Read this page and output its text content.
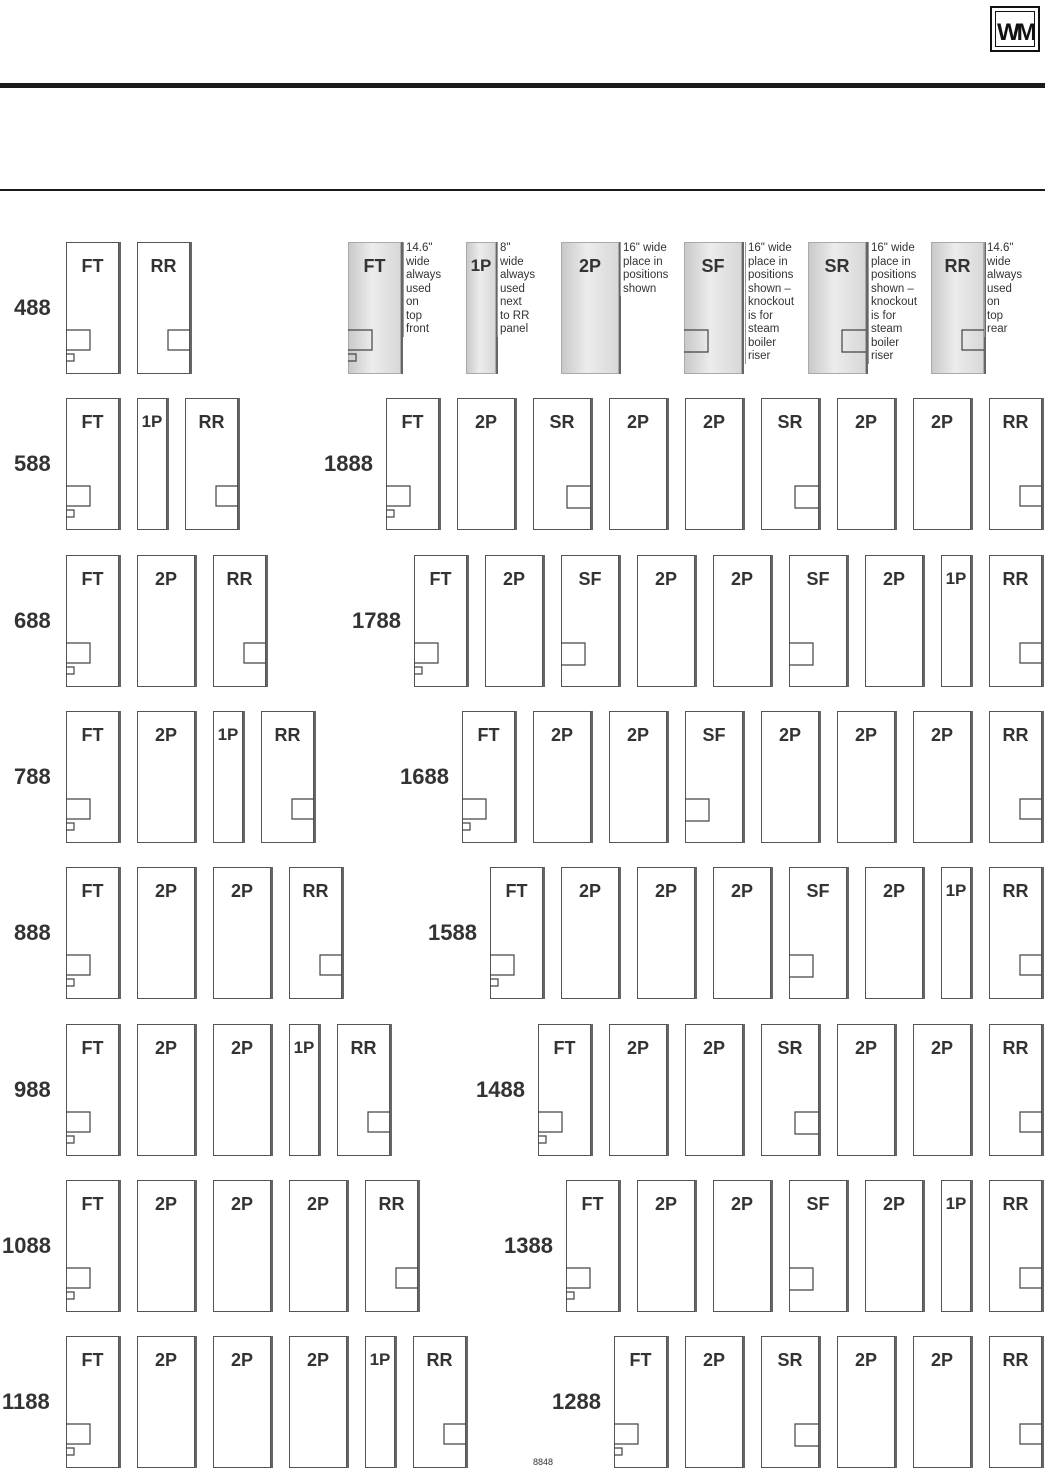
WM
488
FT	RR
588
FT	1P	RR
688
FT	2P	RR
788
FT	2P	1P	RR
888
FT	2P	2P	RR
988
FT	2P	2P	1P	RR
1088
FT	2P	2P	2P	RR
1188
FT	2P	2P	2P	1P	RR
1888
FT	2P	SR	2P	2P	SR	2P	2P	RR
1788
FT	2P	SF	2P	2P	SF	2P	1P	RR
1688
FT	2P	2P	SF	2P	2P	2P	RR
1588
FT	2P	2P	2P	SF	2P	1P	RR
1488
FT	2P	2P	SR	2P	2P	RR
1388
FT	2P	2P	SF	2P	1P	RR
1288
FT	2P	SR	2P	2P	RR
FT
14.6" wide
always
used on
top front
1P
8" wide
always
used next
to RR
panel
2P
16" wide
place in
positions
shown
SF
16" wide
place in
positions
shown –
knockout
is for
steam
boiler
riser
SR
16" wide
place in
positions
shown –
knockout
is for
steam
boiler
riser
RR
14.6" wide
always
used on
top rear
8848
